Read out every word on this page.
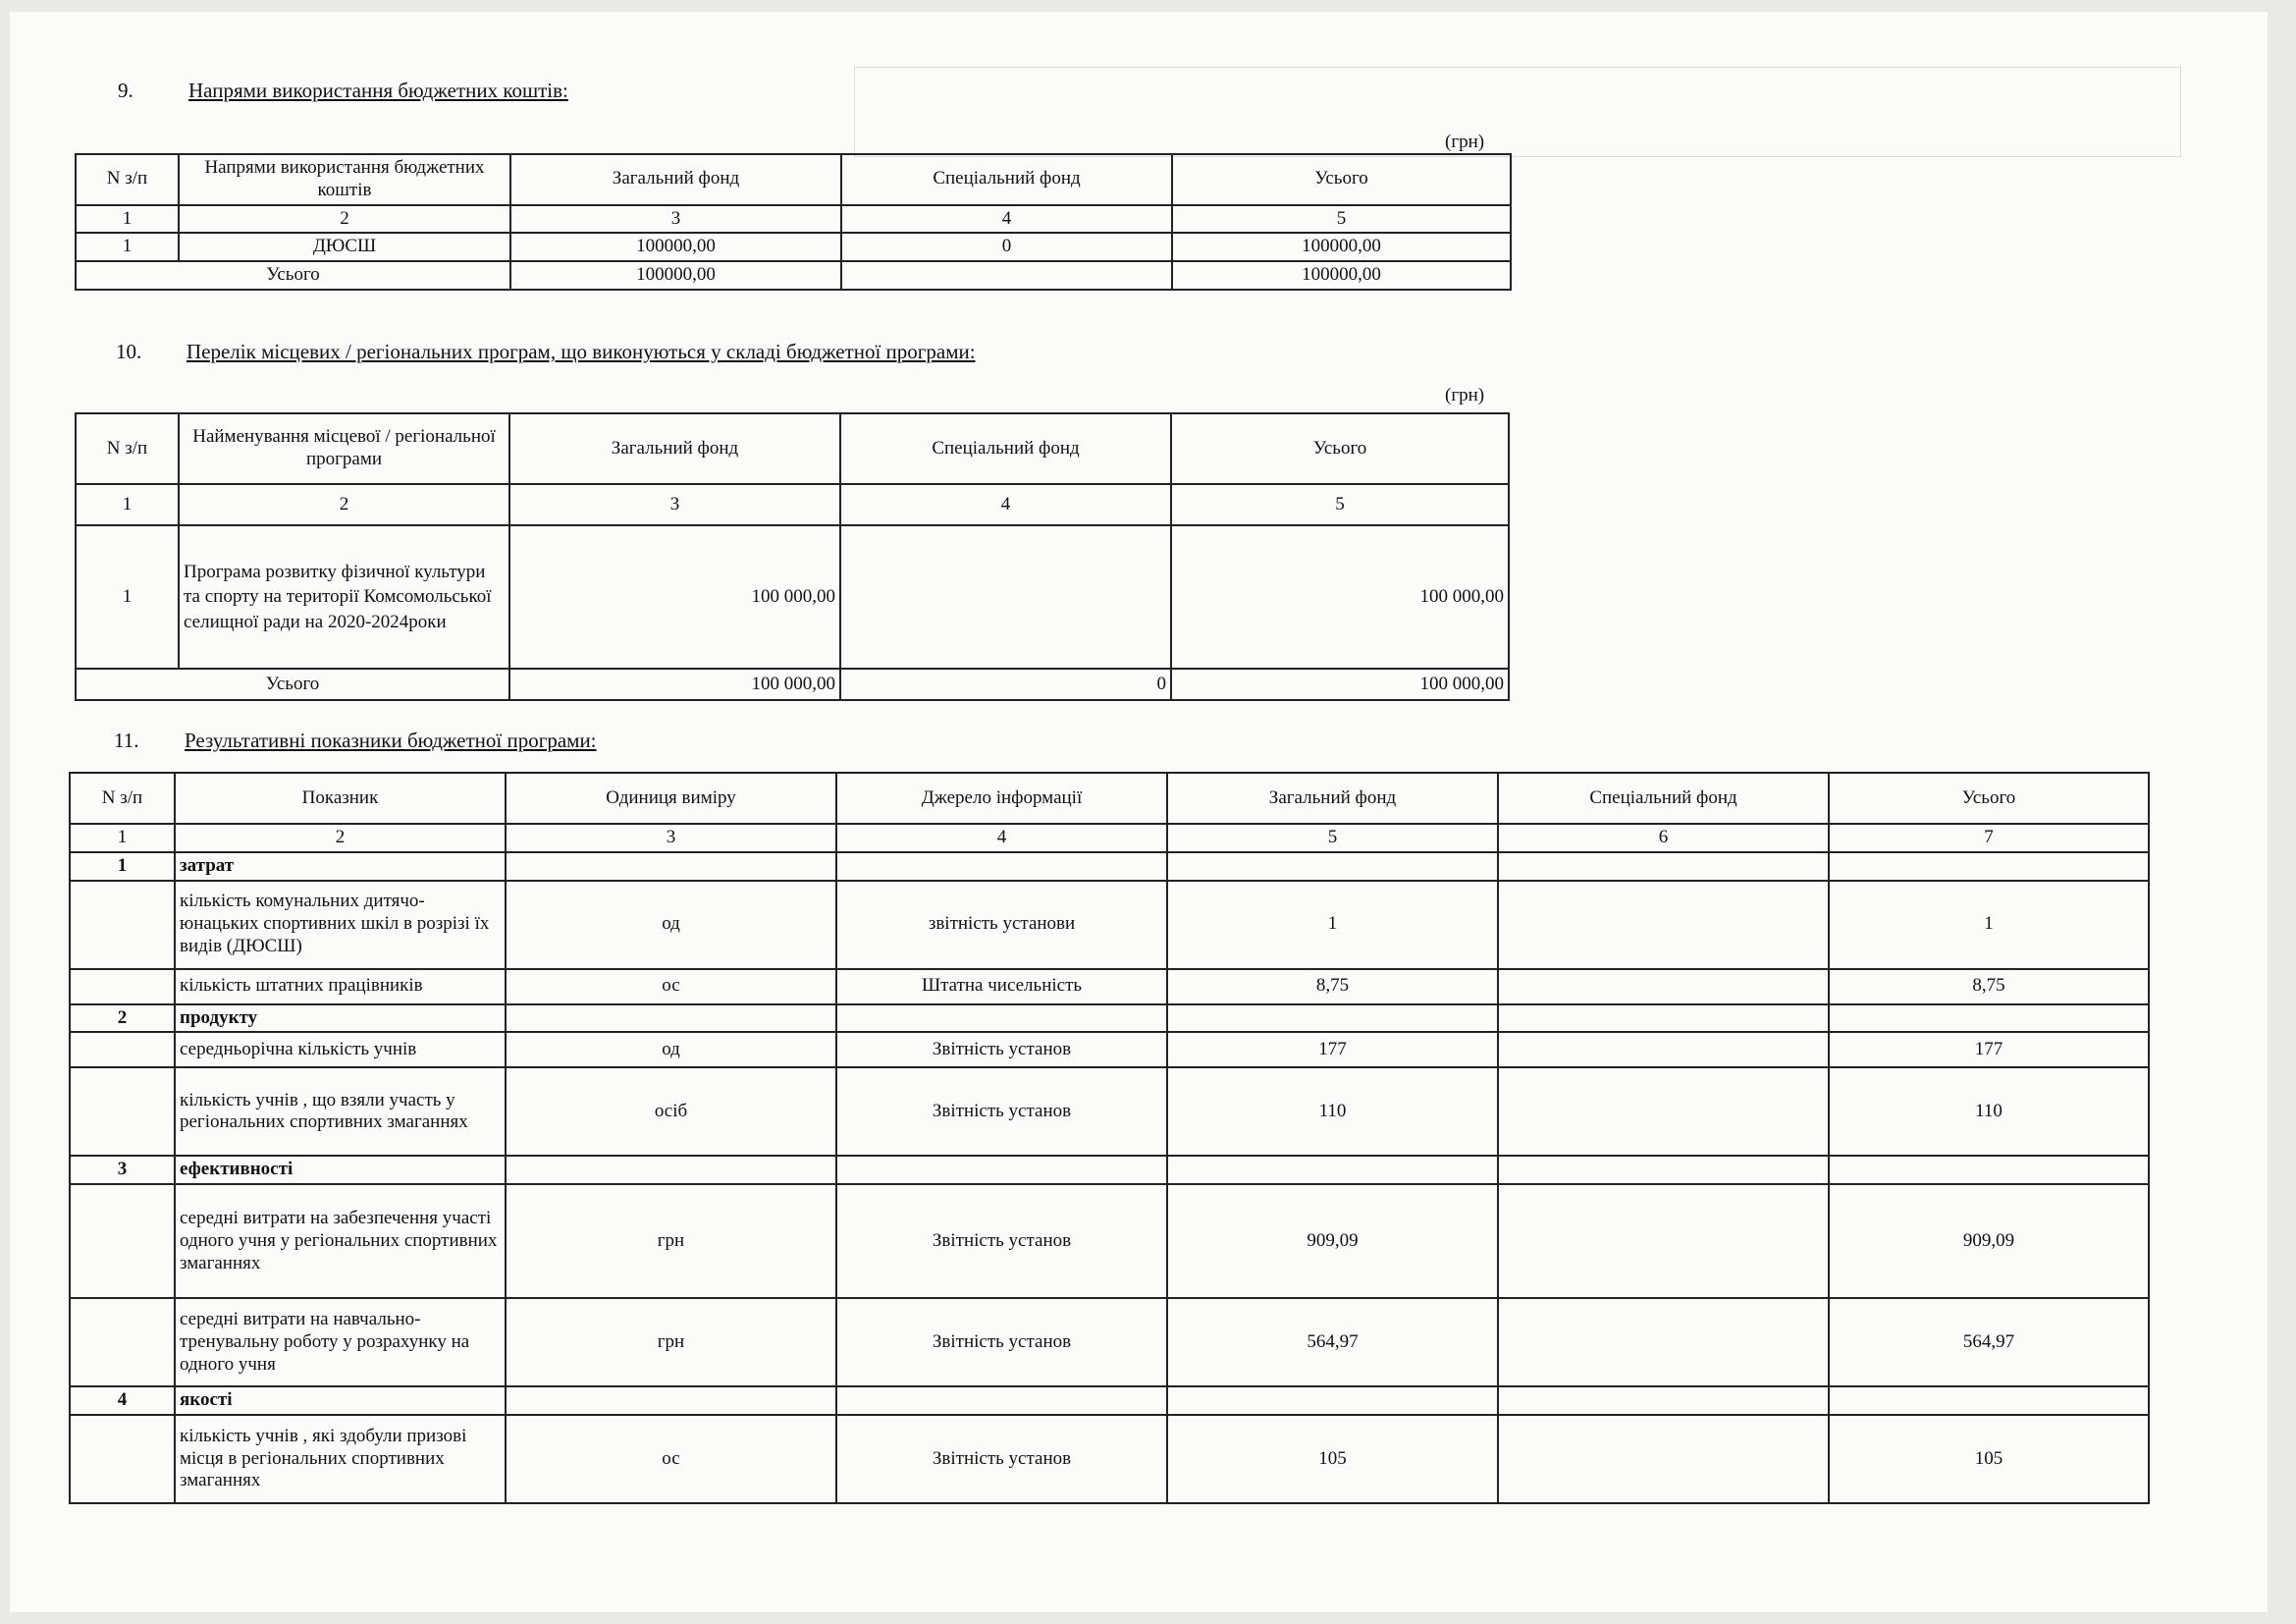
9.	Напрями використання бюджетних коштів:
(грн)
N з/п	Напрями використання бюджетних коштів	Загальний фонд	Спеціальний фонд	Усього
1	2	3	4	5
1	ДЮСШ	100000,00	0	100000,00
Усього		100000,00		100000,00
10. Перелік місцевих / регіональних програм, що виконуються у складі бюджетної програми:
(грн)
N з/п	Найменування місцевої / регіональної програми	Загальний фонд	Спеціальний фонд	Усього
1	2	3	4	5
1	Програма розвитку фізичної культури та спорту на території Комсомольської селищної ради на 2020-2024роки	100 000,00		100 000,00
Усього		100 000,00	0	100 000,00
11. Результативні показники бюджетної програми:
N з/п	Показник	Одиниця виміру	Джерело інформації	Загальний фонд	Спеціальний фонд	Усього
1	2	3	4	5	6	7
1	затрат					
	кількість комунальних дитячо-юнацьких спортивних шкіл в розрізі їх видів (ДЮСШ)	од	звітність установи	1		1
	кількість штатних працівників	ос	Штатна чисельність	8,75		8,75
2	продукту					
	середньорічна кількість учнів	од	Звітність установ	177		177
	кількість учнів , що взяли участь у регіональних спортивних змаганнях	осіб	Звітність установ	110		110
3	ефективності					
	середні витрати на забезпечення участі одного учня у регіональних спортивних змаганнях	грн	Звітність установ	909,09		909,09
	середні витрати на навчально-тренувальну роботу у розрахунку на одного учня	грн	Звітність установ	564,97		564,97
4	якості					
	кількість учнів , які здобули призові місця в регіональних спортивних змаганнях	ос	Звітність установ	105		105
